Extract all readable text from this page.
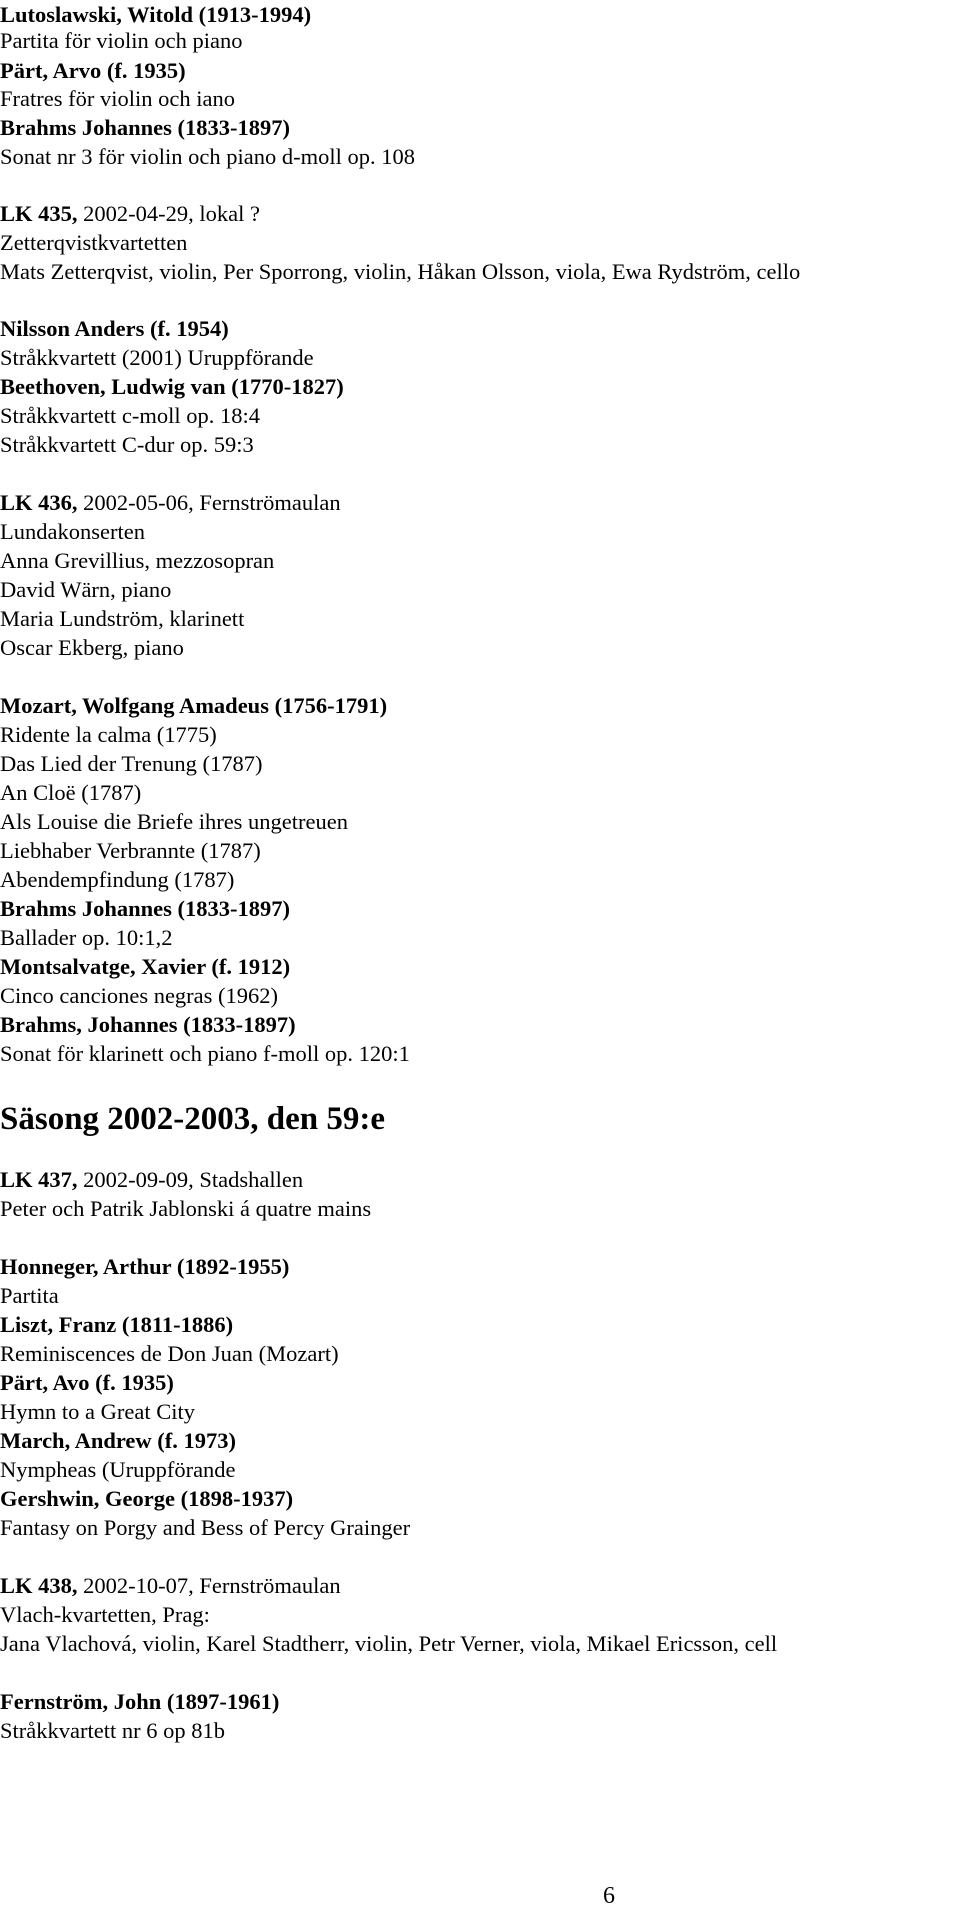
Lutoslawski, Witold (1913-1994)
Partita för violin och piano
Pärt, Arvo (f. 1935)
Fratres för violin och iano
Brahms Johannes (1833-1897)
Sonat nr 3 för violin och piano d-moll op. 108
LK 435, 2002-04-29, lokal ?
Zetterqvistkvartetten
Mats Zetterqvist, violin, Per Sporrong, violin, Håkan Olsson, viola, Ewa Rydström, cello
Nilsson Anders (f. 1954)
Stråkkvartett (2001) Uruppförande
Beethoven, Ludwig van (1770-1827)
Stråkkvartett c-moll op. 18:4
Stråkkvartett C-dur op. 59:3
LK 436, 2002-05-06, Fernströmaulan
Lundakonserten
Anna Grevillius, mezzosopran
David Wärn, piano
Maria Lundström, klarinett
Oscar Ekberg, piano
Mozart, Wolfgang Amadeus (1756-1791)
Ridente la calma (1775)
Das Lied der Trenung (1787)
An Cloë (1787)
Als Louise die Briefe ihres ungetreuen
Liebhaber Verbrannte (1787)
Abendempfindung (1787)
Brahms Johannes (1833-1897)
Ballader op. 10:1,2
Montsalvatge, Xavier (f. 1912)
Cinco canciones negras (1962)
Brahms, Johannes (1833-1897)
Sonat för klarinett och piano f-moll op. 120:1
Säsong 2002-2003, den 59:e
LK 437, 2002-09-09, Stadshallen
Peter och Patrik Jablonski á quatre mains
Honneger, Arthur (1892-1955)
Partita
Liszt, Franz (1811-1886)
Reminiscences de Don Juan (Mozart)
Pärt, Avo (f. 1935)
Hymn to a Great City
March, Andrew (f. 1973)
Nympheas (Uruppförande
Gershwin, George (1898-1937)
Fantasy on Porgy and Bess of Percy Grainger
LK 438, 2002-10-07, Fernströmaulan
Vlach-kvartetten, Prag:
Jana Vlachová, violin, Karel Stadtherr, violin, Petr Verner, viola, Mikael Ericsson, cell
Fernström, John (1897-1961)
Stråkkvartett nr 6 op 81b
6
